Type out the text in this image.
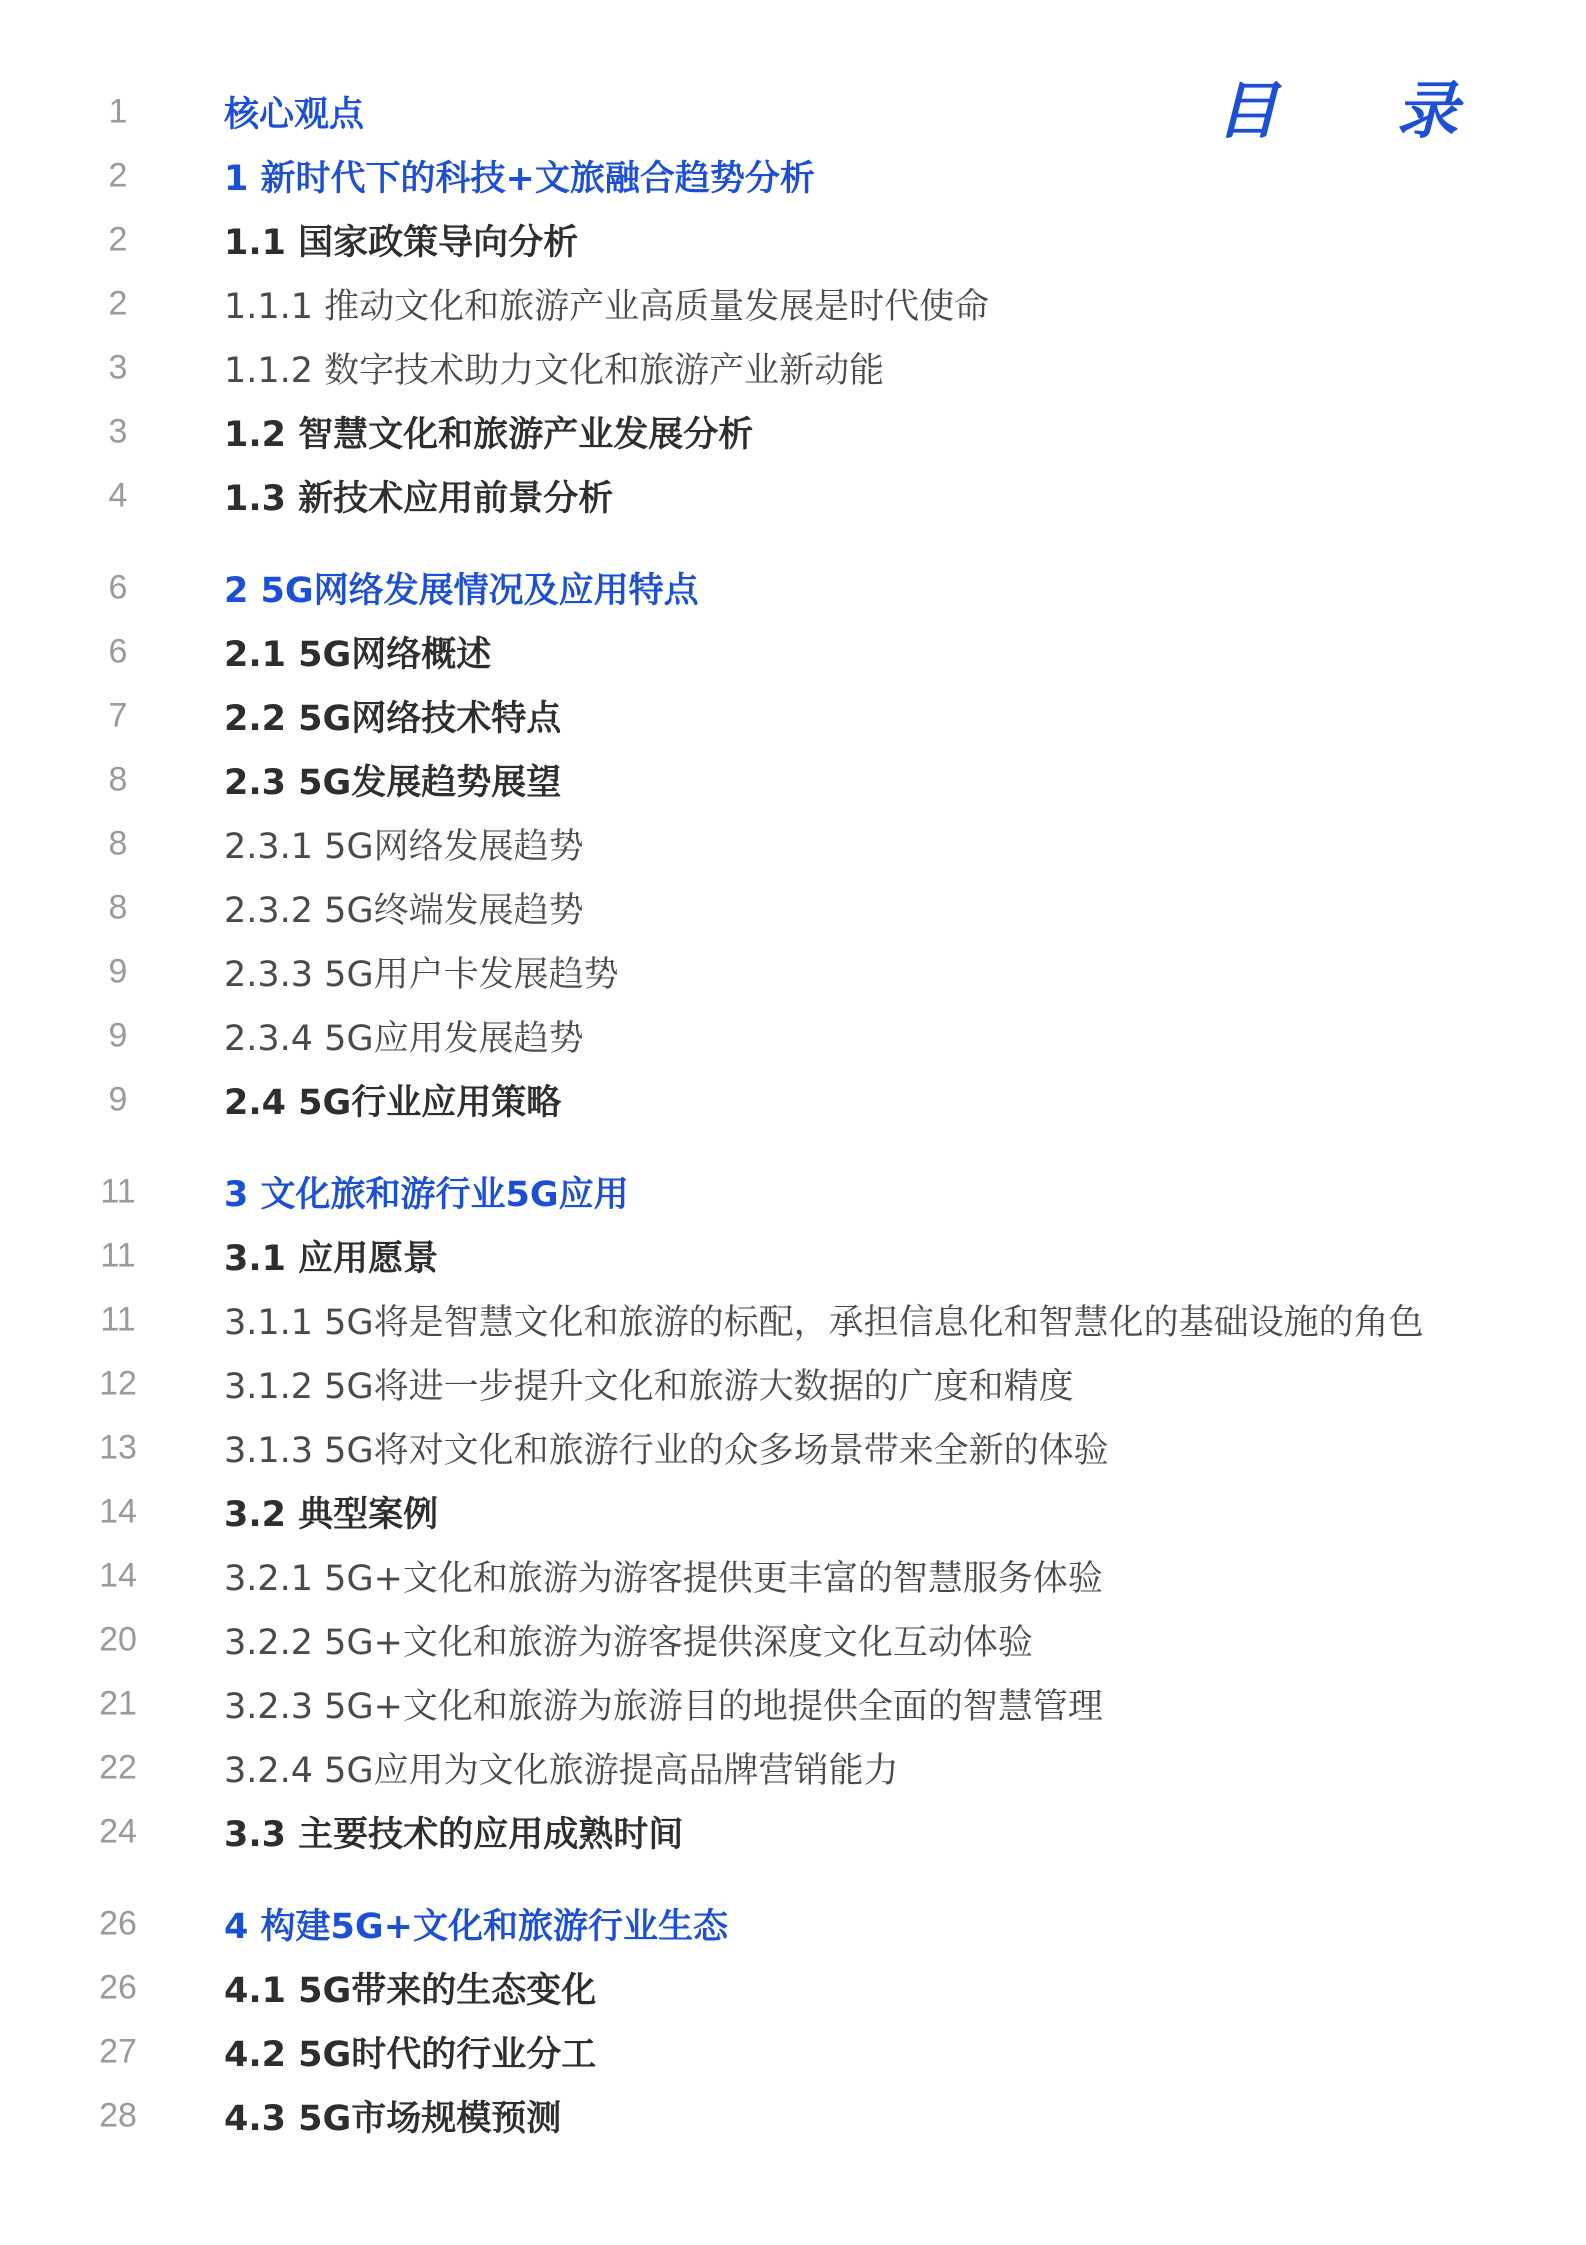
目　录
1	核心观点
2	1 新时代下的科技+文旅融合趋势分析
2	1.1 国家政策导向分析
2	1.1.1 推动文化和旅游产业高质量发展是时代使命
3	1.1.2 数字技术助力文化和旅游产业新动能
3	1.2 智慧文化和旅游产业发展分析
4	1.3 新技术应用前景分析
6	2 5G网络发展情况及应用特点
6	2.1 5G网络概述
7	2.2 5G网络技术特点
8	2.3 5G发展趋势展望
8	2.3.1 5G网络发展趋势
8	2.3.2 5G终端发展趋势
9	2.3.3 5G用户卡发展趋势
9	2.3.4 5G应用发展趋势
9	2.4 5G行业应用策略
11	3 文化旅和游行业5G应用
11	3.1 应用愿景
11	3.1.1 5G将是智慧文化和旅游的标配，承担信息化和智慧化的基础设施的角色
12 3.1.2 5G将进一步提升文化和旅游大数据的广度和精度
13 3.1.3 5G将对文化和旅游行业的众多场景带来全新的体验
14 3.2 典型案例
14 3.2.1 5G+文化和旅游为游客提供更丰富的智慧服务体验
20 3.2.2 5G+文化和旅游为游客提供深度文化互动体验
21 3.2.3 5G+文化和旅游为旅游目的地提供全面的智慧管理
22 3.2.4 5G应用为文化旅游提高品牌营销能力
24 3.3 主要技术的应用成熟时间
26 4 构建5G+文化和旅游行业生态
26 4.1 5G带来的生态变化
27 4.2 5G时代的行业分工
28 4.3 5G市场规模预测
